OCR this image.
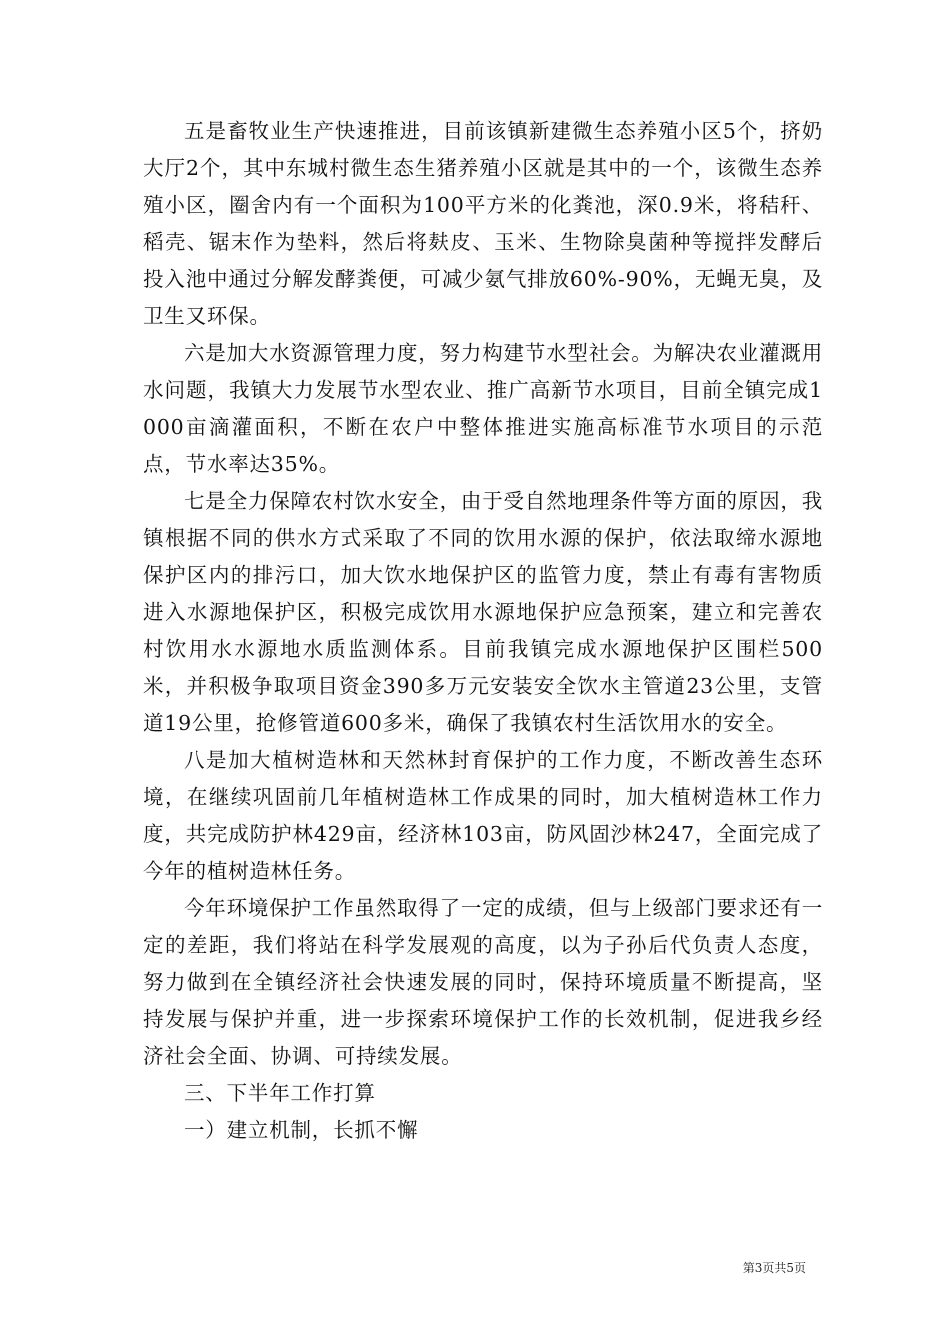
五是畜牧业生产快速推进，目前该镇新建微生态养殖小区5个，挤奶大厅2个，其中东城村微生态生猪养殖小区就是其中的一个，该微生态养殖小区，圈舍内有一个面积为100平方米的化粪池，深0.9米，将秸秆、稻壳、锯末作为垫料，然后将麸皮、玉米、生物除臭菌种等搅拌发酵后投入池中通过分解发酵粪便，可减少氨气排放60%-90%，无蝇无臭，及卫生又环保。

六是加大水资源管理力度，努力构建节水型社会。为解决农业灌溉用水问题，我镇大力发展节水型农业、推广高新节水项目，目前全镇完成1000亩滴灌面积，不断在农户中整体推进实施高标准节水项目的示范点，节水率达35%。

七是全力保障农村饮水安全，由于受自然地理条件等方面的原因，我镇根据不同的供水方式采取了不同的饮用水源的保护，依法取缔水源地保护区内的排污口，加大饮水地保护区的监管力度，禁止有毒有害物质进入水源地保护区，积极完成饮用水源地保护应急预案，建立和完善农村饮用水水源地水质监测体系。目前我镇完成水源地保护区围栏500米，并积极争取项目资金390多万元安装安全饮水主管道23公里，支管道19公里，抢修管道600多米，确保了我镇农村生活饮用水的安全。

八是加大植树造林和天然林封育保护的工作力度，不断改善生态环境，在继续巩固前几年植树造林工作成果的同时，加大植树造林工作力度，共完成防护林429亩，经济林103亩，防风固沙林247，全面完成了今年的植树造林任务。

今年环境保护工作虽然取得了一定的成绩，但与上级部门要求还有一定的差距，我们将站在科学发展观的高度，以为子孙后代负责人态度，努力做到在全镇经济社会快速发展的同时，保持环境质量不断提高，坚持发展与保护并重，进一步探索环境保护工作的长效机制，促进我乡经济社会全面、协调、可持续发展。

三、下半年工作打算

一）建立机制，长抓不懈

第3页共5页
